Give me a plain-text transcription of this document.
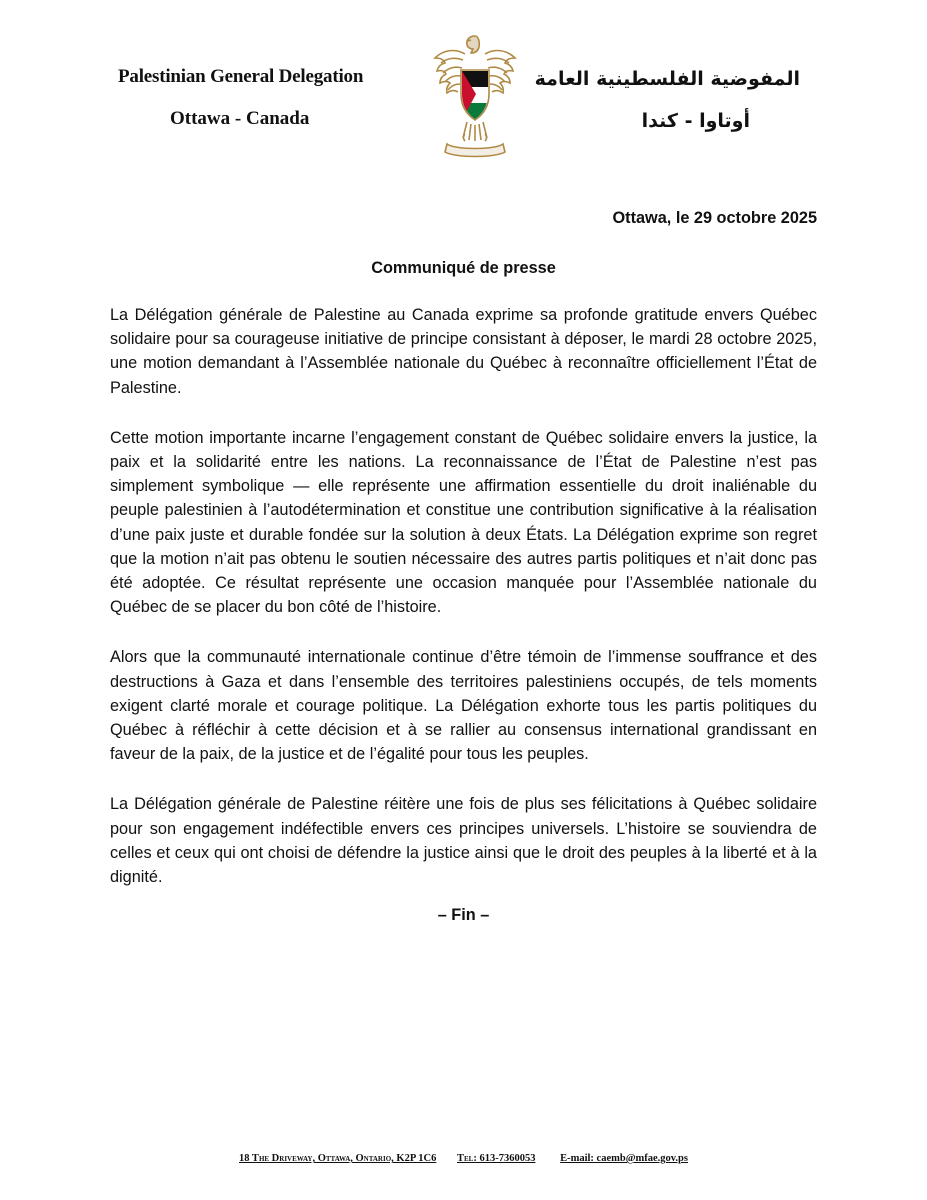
Palestinian General Delegation
Ottawa - Canada
المفوضية الفلسطينية العامة
أوتاوا - كندا
Ottawa, le 29 octobre 2025
Communiqué de presse

La Délégation générale de Palestine au Canada exprime sa profonde gratitude envers Québec solidaire pour sa courageuse initiative de principe consistant à déposer, le mardi 28 octobre 2025, une motion demandant à l’Assemblée nationale du Québec à reconnaître officiellement l’État de Palestine.

Cette motion importante incarne l’engagement constant de Québec solidaire envers la justice, la paix et la solidarité entre les nations. La reconnaissance de l’État de Palestine n’est pas simplement symbolique — elle représente une affirmation essentielle du droit inaliénable du peuple palestinien à l’autodétermination et constitue une contribution significative à la réalisation d’une paix juste et durable fondée sur la solution à deux États. La Délégation exprime son regret que la motion n’ait pas obtenu le soutien nécessaire des autres partis politiques et n’ait donc pas été adoptée. Ce résultat représente une occasion manquée pour l’Assemblée nationale du Québec de se placer du bon côté de l’histoire.

Alors que la communauté internationale continue d’être témoin de l’immense souffrance et des destructions à Gaza et dans l’ensemble des territoires palestiniens occupés, de tels moments exigent clarté morale et courage politique. La Délégation exhorte tous les partis politiques du Québec à réfléchir à cette décision et à se rallier au consensus international grandissant en faveur de la paix, de la justice et de l’égalité pour tous les peuples.

La Délégation générale de Palestine réitère une fois de plus ses félicitations à Québec solidaire pour son engagement indéfectible envers ces principes universels. L’histoire se souviendra de celles et ceux qui ont choisi de défendre la justice ainsi que le droit des peuples à la liberté et à la dignité.

– Fin –
18 The Driveway, Ottawa, Ontario, K2P 1C6 Tel: 613-7360053 E-mail: caemb@mfae.gov.ps
